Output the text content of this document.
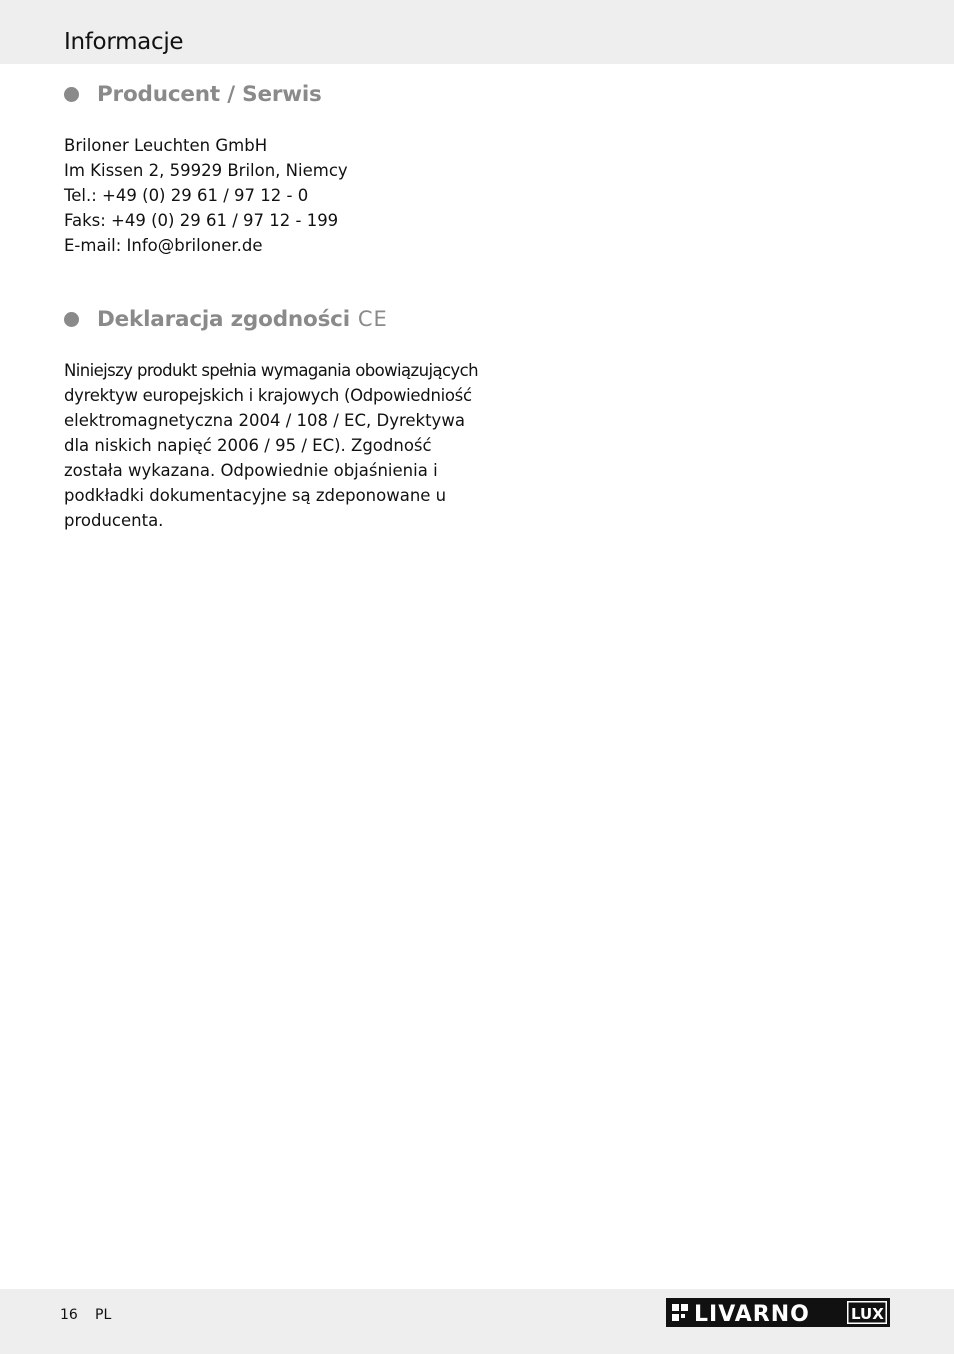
Informacje
Producent / Serwis
Briloner Leuchten GmbH
Im Kissen 2, 59929 Brilon, Niemcy
Tel.: +49 (0) 29 61 / 97 12 - 0
Faks: +49 (0) 29 61 / 97 12 - 199
E-mail: Info@briloner.de
Deklaracja zgodności CE
Niniejszy produkt spełnia wymagania obowiązujących
dyrektyw europejskich i krajowych (Odpowiedniość
elektromagnetyczna 2004 / 108 / EC, Dyrektywa
dla niskich napięć 2006 / 95 / EC). Zgodność
została wykazana. Odpowiednie objaśnienia i
podkładki dokumentacyjne są zdeponowane u
producenta.
16 PL	LIVARNO	LUX
